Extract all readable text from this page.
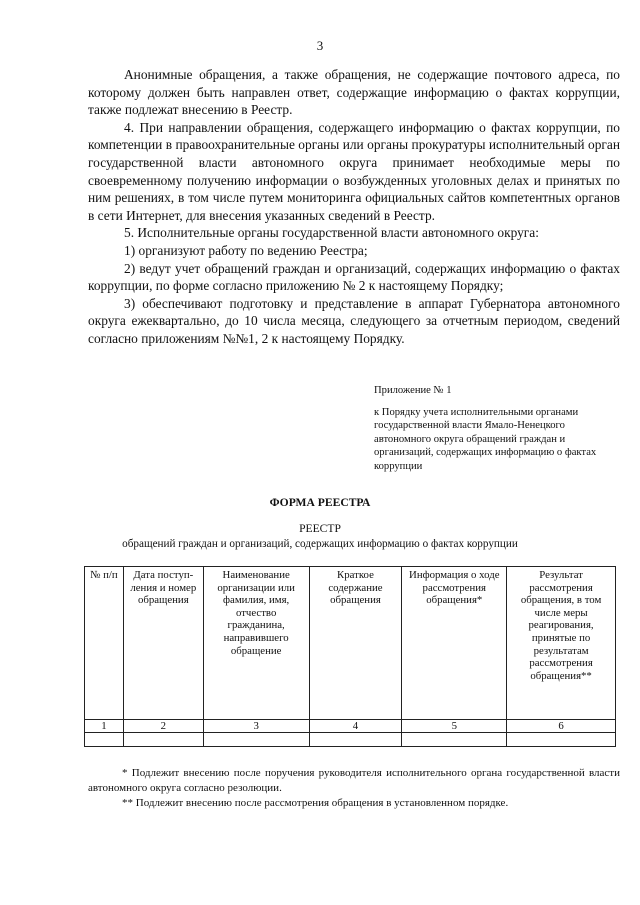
3

Анонимные обращения, а также обращения, не содержащие почтового адреса, по которому должен быть направлен ответ, содержащие информацию о фактах коррупции, также подлежат внесению в Реестр.

4. При направлении обращения, содержащего информацию о фактах коррупции, по компетенции в правоохранительные органы или органы прокуратуры исполнительный орган государственной власти автономного округа принимает необходимые меры по своевременному получению информации о возбужденных уголовных делах и принятых по ним решениях, в том числе путем мониторинга официальных сайтов компетентных органов в сети Интернет, для внесения указанных сведений в Реестр.

5. Исполнительные органы государственной власти автономного округа:

1) организуют работу по ведению Реестра;

2) ведут учет обращений граждан и организаций, содержащих информацию о фактах коррупции, по форме согласно приложению № 2 к настоящему Порядку;

3) обеспечивают подготовку и представление в аппарат Губернатора автономного округа ежеквартально, до 10 числа месяца, следующего за отчетным периодом, сведений согласно приложениям №№1, 2 к настоящему Порядку.

Приложение № 1
к Порядку учета исполнительными органами государственной власти Ямало-Ненецкого автономного округа обращений граждан и организаций, содержащих информацию о фактах коррупции
ФОРМА РЕЕСТРА
РЕЕСТР
обращений граждан и организаций, содержащих информацию о фактах коррупции
№ п/п	Дата поступ-ления и номер обращения	Наименование организации или фамилия, имя, отчество гражданина, направившего обращение	Краткое содержание обращения	Информация о ходе рассмотрения обращения*	Результат рассмотрения обращения, в том числе меры реагирования, принятые по результатам рассмотрения обращения**
1	2	3	4	5	6

* Подлежит внесению после поручения руководителя исполнительного органа государственной власти автономного округа согласно резолюции.

** Подлежит внесению после рассмотрения обращения в установленном порядке.
